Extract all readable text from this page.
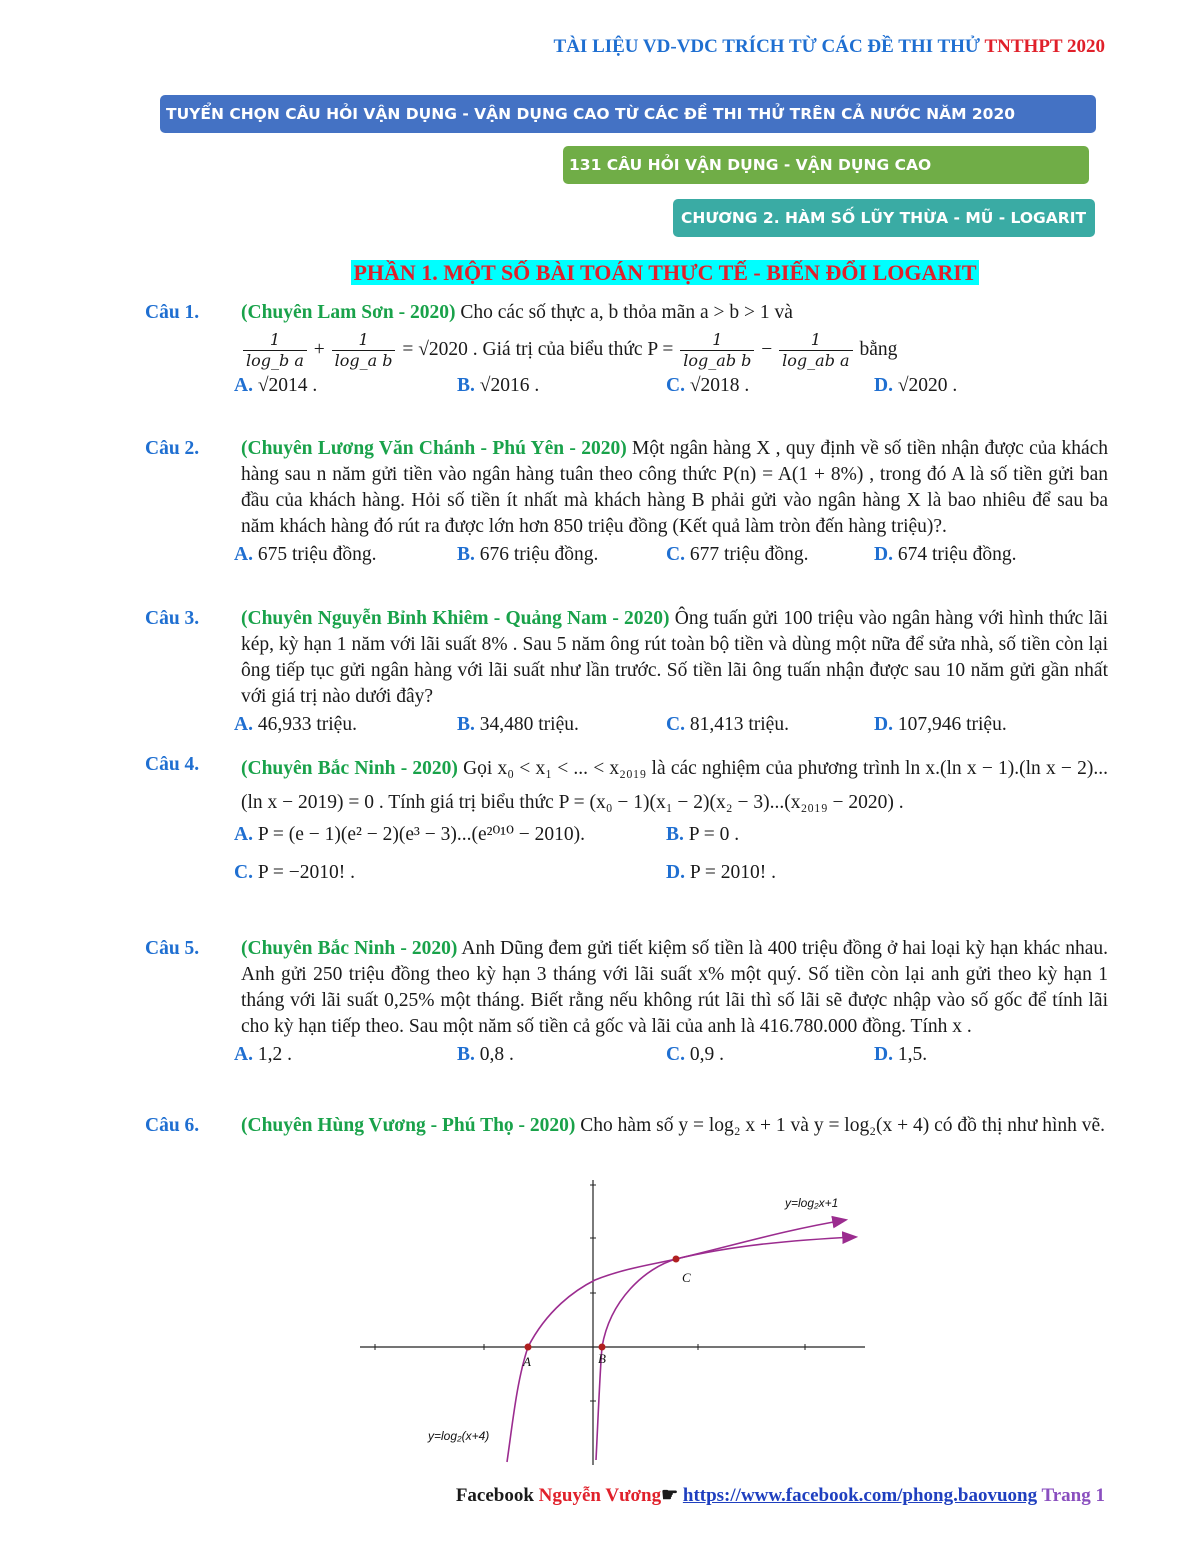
TÀI LIỆU VD-VDC TRÍCH TỪ CÁC ĐỀ THI THỬ TNTHPT 2020
TUYỂN CHỌN CÂU HỎI VẬN DỤNG - VẬN DỤNG CAO TỪ CÁC ĐỀ THI THỬ TRÊN CẢ NƯỚC NĂM 2020
131 CÂU HỎI VẬN DỤNG - VẬN DỤNG CAO
CHƯƠNG 2. HÀM SỐ LŨY THỪA - MŨ - LOGARIT
PHẦN 1. MỘT SỐ BÀI TOÁN THỰC TẾ - BIẾN ĐỔI LOGARIT
Câu 1. (Chuyên Lam Sơn - 2020) Cho các số thực a, b thỏa mãn a > b > 1 và
$\frac{1}{\text{log\_b a}} + \frac{1}{\text{log\_a b}} = √2020$ . Giá trị của biểu thức $P = \frac{1}{\text{log\_ab b}} - \frac{1}{\text{log\_ab a}}$ bằng
A. √2014 .	B. √2016 .	C. √2018 .	D. √2020 .
Câu 2. (Chuyên Lương Văn Chánh - Phú Yên - 2020) Một ngân hàng X , quy định về số tiền nhận được của khách hàng sau n năm gửi tiền vào ngân hàng tuân theo công thức P(n) = A(1 + 8%) , trong đó A là số tiền gửi ban đầu của khách hàng. Hỏi số tiền ít nhất mà khách hàng B phải gửi vào ngân hàng X là bao nhiêu để sau ba năm khách hàng đó rút ra được lớn hơn 850 triệu đồng (Kết quả làm tròn đến hàng triệu)?.
A. 675 triệu đồng.	B. 676 triệu đồng.	C. 677 triệu đồng.	D. 674 triệu đồng.
Câu 3. (Chuyên Nguyễn Bỉnh Khiêm - Quảng Nam - 2020) Ông tuấn gửi 100 triệu vào ngân hàng với hình thức lãi kép, kỳ hạn 1 năm với lãi suất 8% . Sau 5 năm ông rút toàn bộ tiền và dùng một nữa để sửa nhà, số tiền còn lại ông tiếp tục gửi ngân hàng với lãi suất như lần trước. Số tiền lãi ông tuấn nhận được sau 10 năm gửi gần nhất với giá trị nào dưới đây?
A. 46,933 triệu.	B. 34,480 triệu.	C. 81,413 triệu.	D. 107,946 triệu.
Câu 4. (Chuyên Bắc Ninh - 2020) Gọi x₀ < x₁ < ... < x₂₀₁₉ là các nghiệm của phương trình ln x.(ln x − 1).(ln x − 2)...(ln x − 2019) = 0 . Tính giá trị biểu thức P = (x₀ − 1)(x₁ − 2)(x₂ − 3)...(x₂₀₁₉ − 2020) .
A. P = (e − 1)(e² − 2)(e³ − 3)...(e²⁰¹⁰ − 2010).	B. P = 0 .
C. P = −2010! .	D. P = 2010! .
Câu 5. (Chuyên Bắc Ninh - 2020) Anh Dũng đem gửi tiết kiệm số tiền là 400 triệu đồng ở hai loại kỳ hạn khác nhau. Anh gửi 250 triệu đồng theo kỳ hạn 3 tháng với lãi suất x% một quý. Số tiền còn lại anh gửi theo kỳ hạn 1 tháng với lãi suất 0,25% một tháng. Biết rằng nếu không rút lãi thì số lãi sẽ được nhập vào số gốc để tính lãi cho kỳ hạn tiếp theo. Sau một năm số tiền cả gốc và lãi của anh là 416.780.000 đồng. Tính x .
A. 1,2 .	B. 0,8 .	C. 0,9 .	D. 1,5.
Câu 6. (Chuyên Hùng Vương - Phú Thọ - 2020) Cho hàm số y = log₂ x + 1 và y = log₂(x + 4) có đồ thị như hình vẽ.
A	B
C
y=log₂x+1
y=log₂(x+4)
Facebook Nguyễn Vương☛ https://www.facebook.com/phong.baovuong Trang 1
